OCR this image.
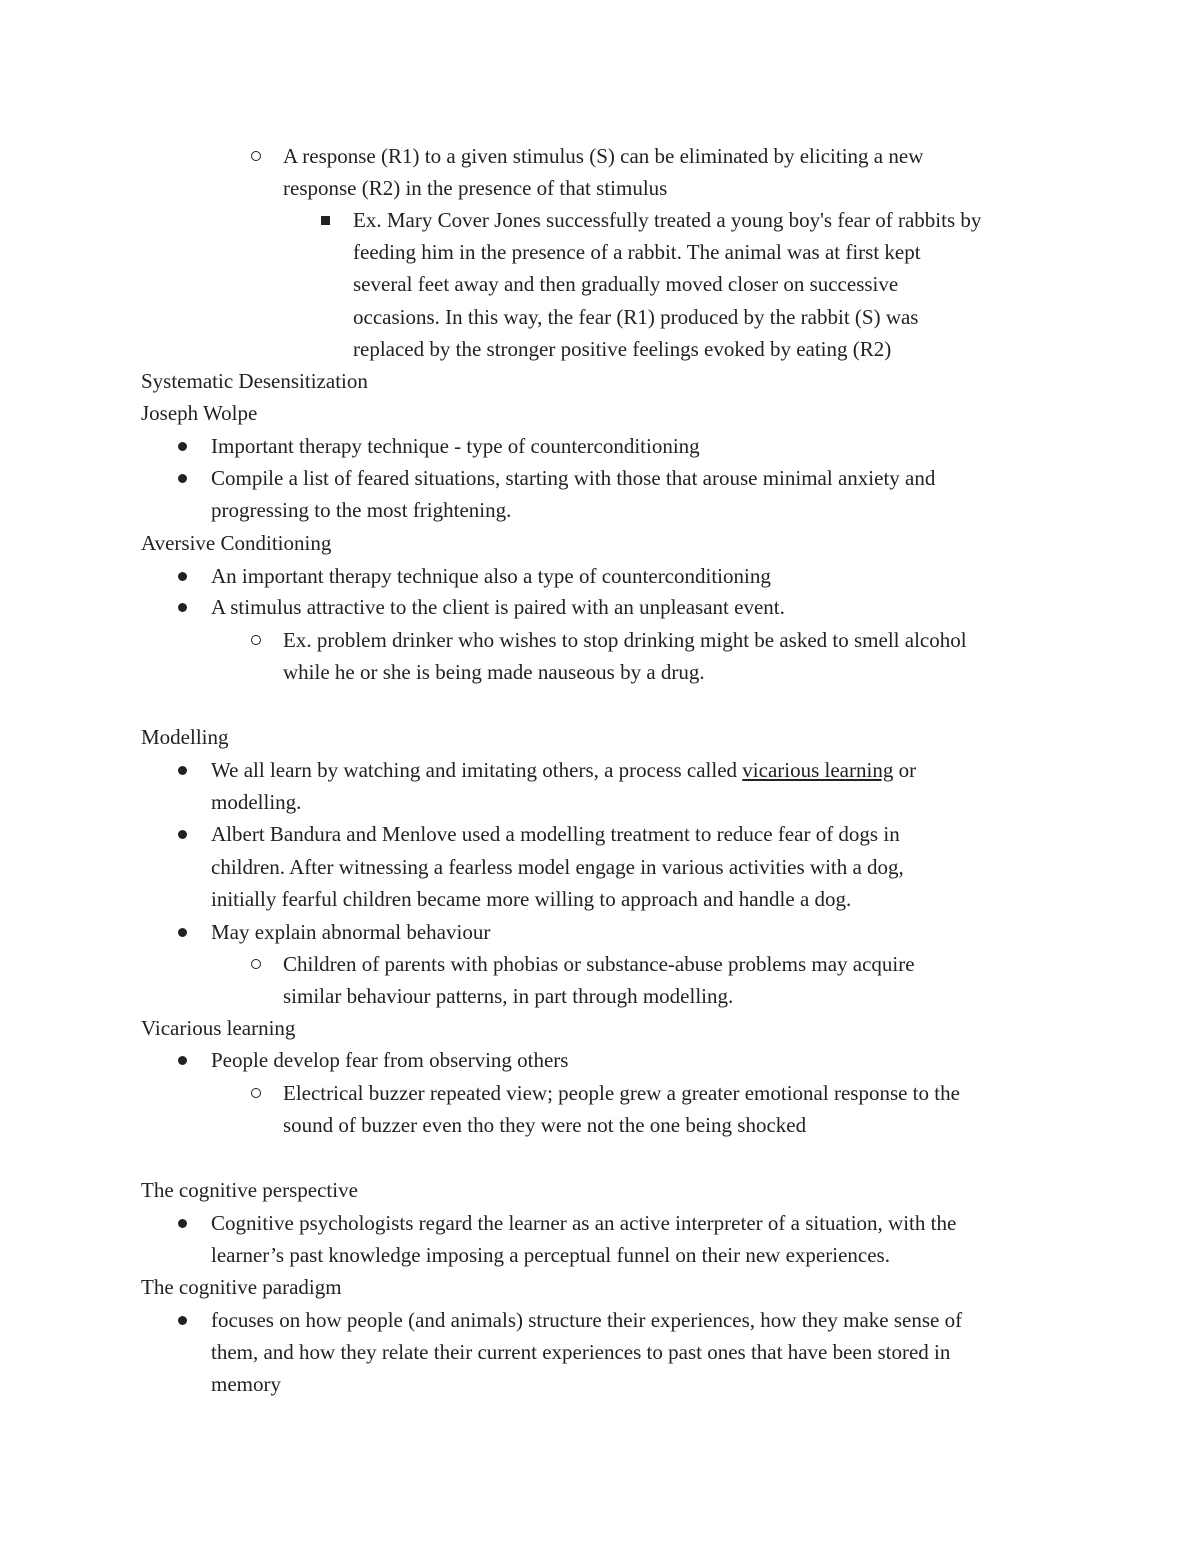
A response (R1) to a given stimulus (S) can be eliminated by eliciting a new
response (R2) in the presence of that stimulus
Ex. Mary Cover Jones successfully treated a young boy's fear of rabbits by
feeding him in the presence of a rabbit. The animal was at first kept
several feet away and then gradually moved closer on successive
occasions. In this way, the fear (R1) produced by the rabbit (S) was
replaced by the stronger positive feelings evoked by eating (R2)
Systematic Desensitization
Joseph Wolpe
Important therapy technique - type of counterconditioning
Compile a list of feared situations, starting with those that arouse minimal anxiety and
progressing to the most frightening.
Aversive Conditioning
An important therapy technique also a type of counterconditioning
A stimulus attractive to the client is paired with an unpleasant event.
Ex. problem drinker who wishes to stop drinking might be asked to smell alcohol
while he or she is being made nauseous by a drug.
Modelling
We all learn by watching and imitating others, a process called vicarious learning or
modelling.
Albert Bandura and Menlove used a modelling treatment to reduce fear of dogs in
children. After witnessing a fearless model engage in various activities with a dog,
initially fearful children became more willing to approach and handle a dog.
May explain abnormal behaviour
Children of parents with phobias or substance-abuse problems may acquire
similar behaviour patterns, in part through modelling.
Vicarious learning
People develop fear from observing others
Electrical buzzer repeated view; people grew a greater emotional response to the
sound of buzzer even tho they were not the one being shocked
The cognitive perspective
Cognitive psychologists regard the learner as an active interpreter of a situation, with the
learner’s past knowledge imposing a perceptual funnel on their new experiences.
The cognitive paradigm
focuses on how people (and animals) structure their experiences, how they make sense of
them, and how they relate their current experiences to past ones that have been stored in
memory
